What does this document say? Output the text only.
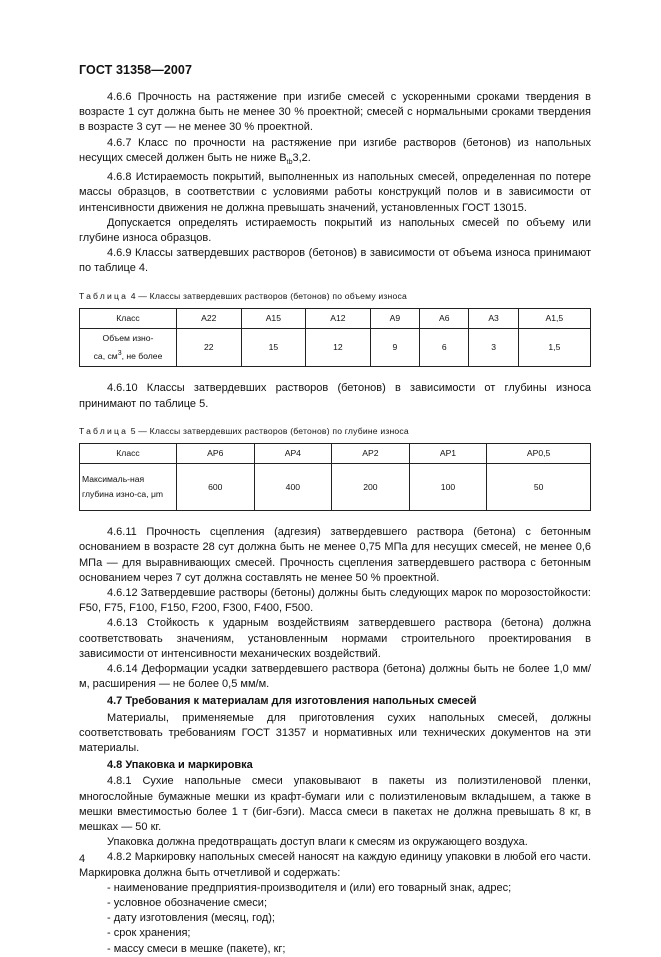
ГОСТ 31358—2007

4.6.6 Прочность на растяжение при изгибе смесей с ускоренными сроками твердения в возрасте 1 сут должна быть не менее 30 % проектной; смесей с нормальными сроками твердения в возрасте 3 сут — не менее 30 % проектной.

4.6.7 Класс по прочности на растяжение при изгибе растворов (бетонов) из напольных несущих смесей должен быть не ниже $B_{tb}3,2$.

4.6.8 Истираемость покрытий, выполненных из напольных смесей, определенная по потере массы образцов, в соответствии с условиями работы конструкций полов и в зависимости от интенсивности движения не должна превышать значений, установленных ГОСТ 13015.

Допускается определять истираемость покрытий из напольных смесей по объему или глубине износа образцов.

4.6.9 Классы затвердевших растворов (бетонов) в зависимости от объема износа принимают по таблице 4.

Таблица 4 — Классы затвердевших растворов (бетонов) по объему износа

Класс	A22	A15	A12	A9	A6	A3	A1,5
Объем изно-
са, $см^3$, не более	22	15	12	9	6	3	1,5

4.6.10 Классы затвердевших растворов (бетонов) в зависимости от глубины износа принимают по таблице 5.

Таблица 5 — Классы затвердевших растворов (бетонов) по глубине износа

Класс	AP6	AP4	AP2	AP1	AP0,5
Максималь-ная глубина изно-са, μm	600	400	200	100	50

4.6.11 Прочность сцепления (адгезия) затвердевшего раствора (бетона) с бетонным основанием в возрасте 28 сут должна быть не менее 0,75 МПа для несущих смесей, не менее 0,6 МПа — для выравнивающих смесей. Прочность сцепления затвердевшего раствора с бетонным основанием через 7 сут должна составлять не менее 50 % проектной.

4.6.12 Затвердевшие растворы (бетоны) должны быть следующих марок по морозостойкости: F50, F75, F100, F150, F200, F300, F400, F500.

4.6.13 Стойкость к ударным воздействиям затвердевшего раствора (бетона) должна соответствовать значениям, установленным нормами строительного проектирования в зависимости от интенсивности механических воздействий.

4.6.14 Деформации усадки затвердевшего раствора (бетона) должны быть не более 1,0 мм/м, расширения — не более 0,5 мм/м.

4.7 Требования к материалам для изготовления напольных смесей

Материалы, применяемые для приготовления сухих напольных смесей, должны соответствовать требованиям ГОСТ 31357 и нормативных или технических документов на эти материалы.

4.8 Упаковка и маркировка

4.8.1 Сухие напольные смеси упаковывают в пакеты из полиэтиленовой пленки, многослойные бумажные мешки из крафт-бумаги или с полиэтиленовым вкладышем, а также в мешки вместимостью более 1 т (биг-бэги). Масса смеси в пакетах не должна превышать 8 кг, в мешках — 50 кг.

Упаковка должна предотвращать доступ влаги к смесям из окружающего воздуха.

4.8.2 Маркировку напольных смесей наносят на каждую единицу упаковки в любой его части. Маркировка должна быть отчетливой и содержать:

- наименование предприятия-производителя и (или) его товарный знак, адрес;
- условное обозначение смеси;
- дату изготовления (месяц, год);
- срок хранения;
- массу смеси в мешке (пакете), кг;
4
